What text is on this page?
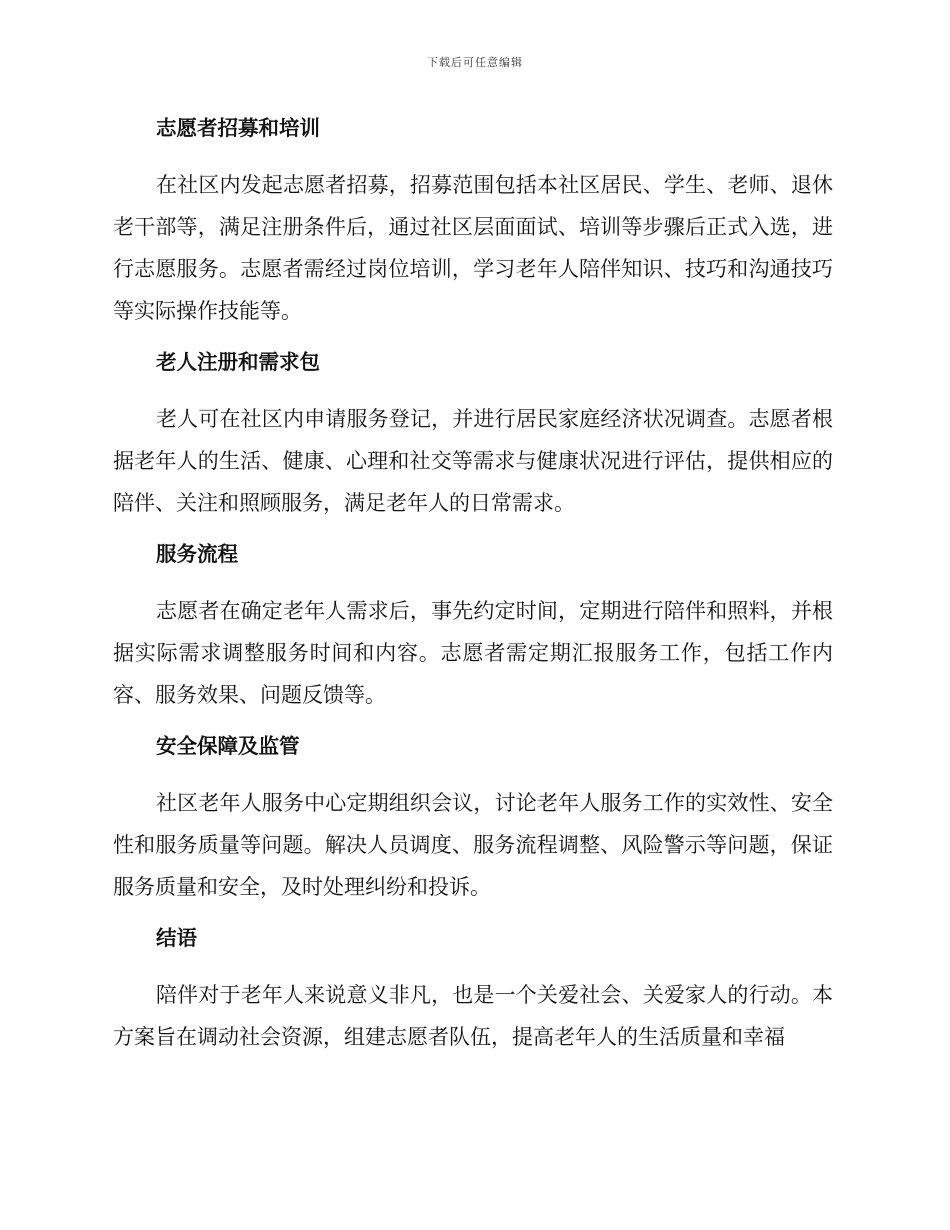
下载后可任意编辑
志愿者招募和培训

在社区内发起志愿者招募，招募范围包括本社区居民、学生、老师、退休老干部等，满足注册条件后，通过社区层面面试、培训等步骤后正式入选，进行志愿服务。志愿者需经过岗位培训，学习老年人陪伴知识、技巧和沟通技巧等实际操作技能等。

老人注册和需求包

老人可在社区内申请服务登记，并进行居民家庭经济状况调查。志愿者根据老年人的生活、健康、心理和社交等需求与健康状况进行评估，提供相应的陪伴、关注和照顾服务，满足老年人的日常需求。

服务流程

志愿者在确定老年人需求后，事先约定时间，定期进行陪伴和照料，并根据实际需求调整服务时间和内容。志愿者需定期汇报服务工作，包括工作内容、服务效果、问题反馈等。

安全保障及监管

社区老年人服务中心定期组织会议，讨论老年人服务工作的实效性、安全性和服务质量等问题。解决人员调度、服务流程调整、风险警示等问题，保证服务质量和安全，及时处理纠纷和投诉。

结语

陪伴对于老年人来说意义非凡，也是一个关爱社会、关爱家人的行动。本方案旨在调动社会资源，组建志愿者队伍，提高老年人的生活质量和幸福
